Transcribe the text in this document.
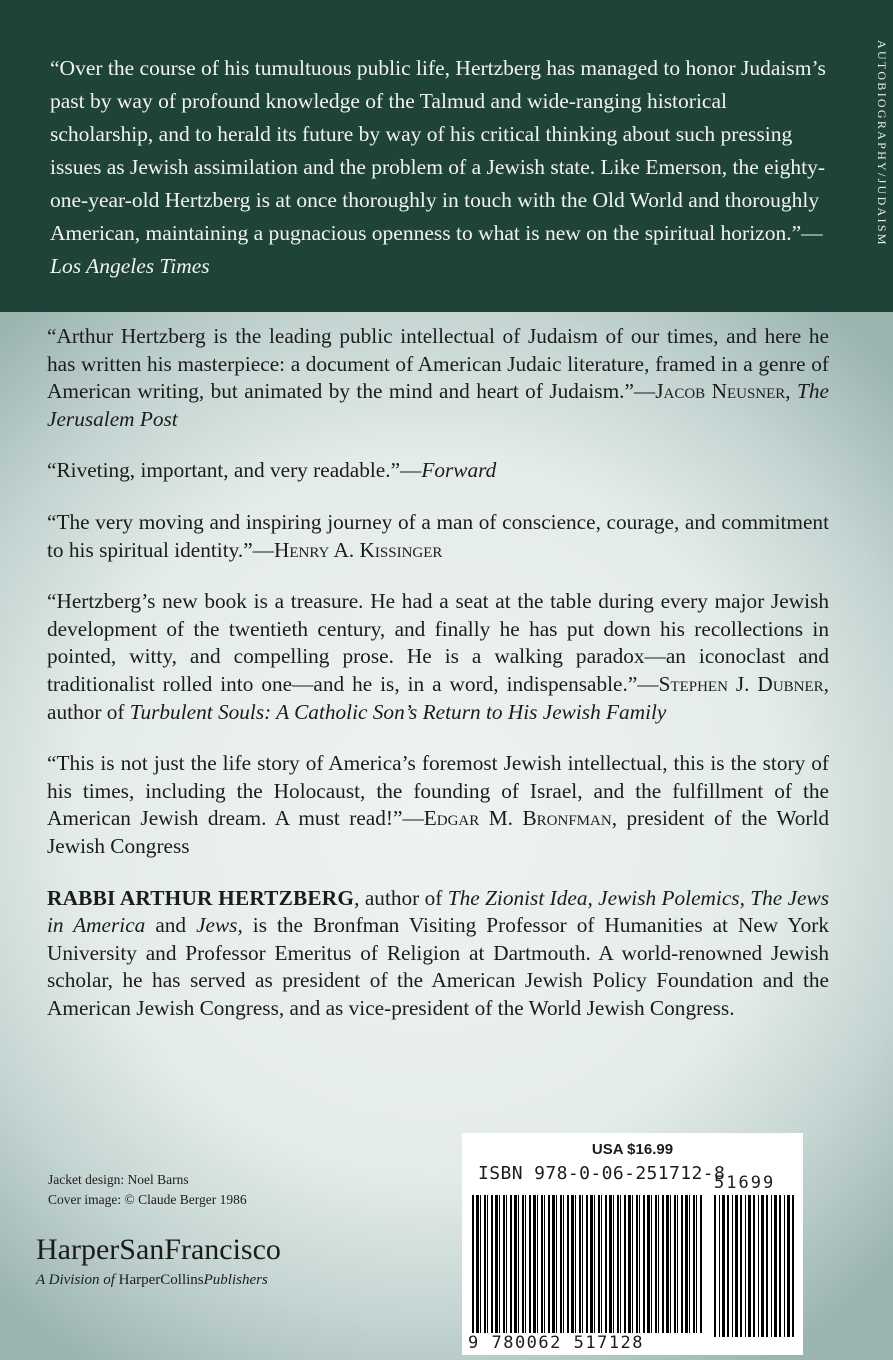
AUTOBIOGRAPHY/JUDAISM
“Over the course of his tumultuous public life, Hertzberg has managed to honor Judaism’s past by way of profound knowledge of the Talmud and wide-ranging historical scholarship, and to herald its future by way of his critical thinking about such pressing issues as Jewish assimilation and the problem of a Jewish state. Like Emerson, the eighty-one-year-old Hertzberg is at once thoroughly in touch with the Old World and thoroughly American, maintaining a pugnacious openness to what is new on the spiritual horizon.”—Los Angeles Times

“Arthur Hertzberg is the leading public intellectual of Judaism of our times, and here he has written his masterpiece: a document of American Judaic literature, framed in a genre of American writing, but animated by the mind and heart of Judaism.”—Jacob Neusner, The Jerusalem Post

“Riveting, important, and very readable.”—Forward

“The very moving and inspiring journey of a man of conscience, courage, and commitment to his spiritual identity.”—Henry A. Kissinger

“Hertzberg’s new book is a treasure. He had a seat at the table during every major Jewish development of the twentieth century, and finally he has put down his recollections in pointed, witty, and compelling prose. He is a walking paradox—an iconoclast and traditionalist rolled into one—and he is, in a word, indispensable.”—Stephen J. Dubner, author of Turbulent Souls: A Catholic Son’s Return to His Jewish Family

“This is not just the life story of America’s foremost Jewish intellectual, this is the story of his times, including the Holocaust, the founding of Israel, and the fulfillment of the American Jewish dream. A must read!”—Edgar M. Bronfman, president of the World Jewish Congress

RABBI ARTHUR HERTZBERG, author of The Zionist Idea, Jewish Polemics, The Jews in America and Jews, is the Bronfman Visiting Professor of Humanities at New York University and Professor Emeritus of Religion at Dartmouth. A world-renowned Jewish scholar, he has served as president of the American Jewish Policy Foundation and the American Jewish Congress, and as vice-president of the World Jewish Congress.

Jacket design: Noel Barns
Cover image: © Claude Berger 1986
HarperSanFrancisco
A Division of HarperCollinsPublishers
USA $16.99
ISBN 978-0-06-251712-8
51699
9 780062 517128
